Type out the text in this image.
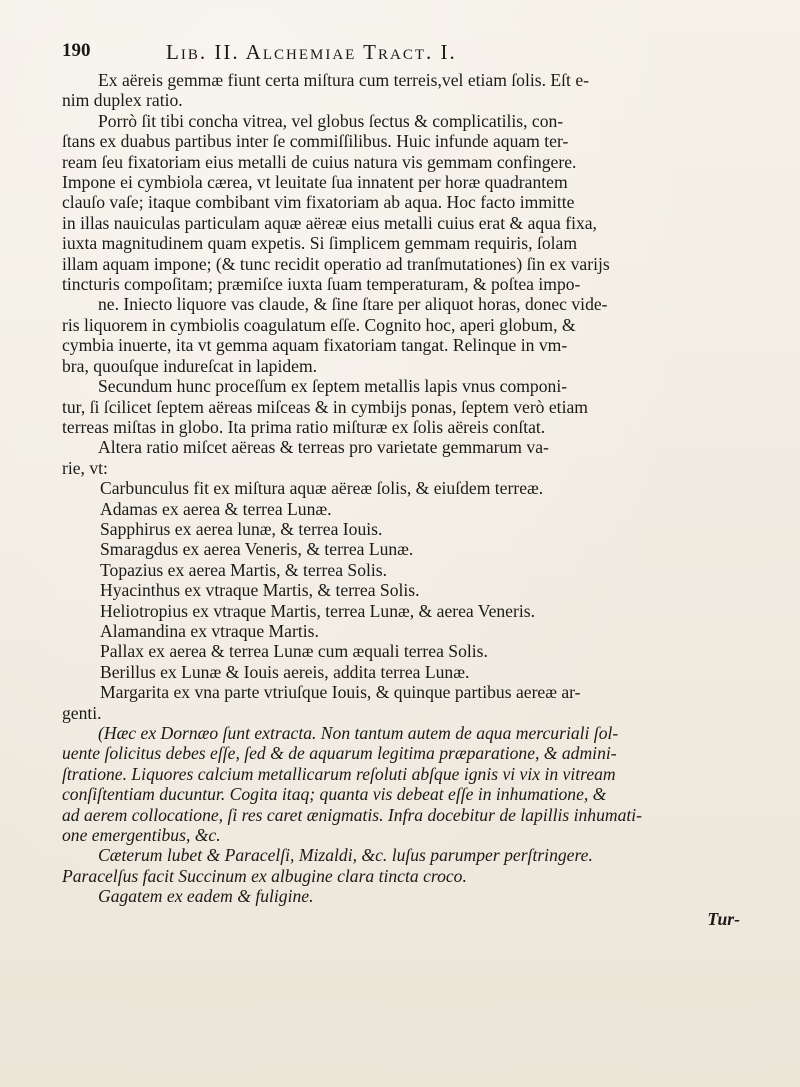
190	Lib. II. Alchemiae Tract. I.
Ex aëreis gemmæ fiunt certa miſtura cum terreis,vel etiam ſolis. Eſt e-
nim duplex ratio.
Porrò ſit tibi concha vitrea, vel globus ſectus & complicatilis, con-
ſtans ex duabus partibus inter ſe commiſſilibus. Huic infunde aquam ter-
ream ſeu fixatoriam eius metalli de cuius natura vis gemmam confingere.
Impone ei cymbiola cærea, vt leuitate ſua innatent per horæ quadrantem
clauſo vaſe; itaque combibant vim fixatoriam ab aqua. Hoc facto immitte
in illas nauiculas particulam aquæ aëreæ eius metalli cuius erat & aqua fixa,
iuxta magnitudinem quam expetis. Si ſimplicem gemmam requiris, ſolam
illam aquam impone; (& tunc recidit operatio ad tranſmutationes) ſin ex varijs
tincturis compoſitam; præmiſce iuxta ſuam temperaturam, & poſtea impo-
ne. Iniecto liquore vas claude, & ſine ſtare per aliquot horas, donec vide-
ris liquorem in cymbiolis coagulatum eſſe. Cognito hoc, aperi globum, &
cymbia inuerte, ita vt gemma aquam fixatoriam tangat. Relinque in vm-
bra, quouſque indureſcat in lapidem.
Secundum hunc proceſſum ex ſeptem metallis lapis vnus componi-
tur, ſi ſcilicet ſeptem aëreas miſceas & in cymbijs ponas, ſeptem verò etiam
terreas miſtas in globo. Ita prima ratio miſturæ ex ſolis aëreis conſtat.
Altera ratio miſcet aëreas & terreas pro varietate gemmarum va-
rie, vt:
Carbunculus fit ex miſtura aquæ aëreæ ſolis, & eiuſdem terreæ.
Adamas ex aerea & terrea Lunæ.
Sapphirus ex aerea lunæ, & terrea Iouis.
Smaragdus ex aerea Veneris, & terrea Lunæ.
Topazius ex aerea Martis, & terrea Solis.
Hyacinthus ex vtraque Martis, & terrea Solis.
Heliotropius ex vtraque Martis, terrea Lunæ, & aerea Veneris.
Alamandina ex vtraque Martis.
Pallax ex aerea & terrea Lunæ cum æquali terrea Solis.
Berillus ex Lunæ & Iouis aereis, addita terrea Lunæ.
Margarita ex vna parte vtriuſque Iouis, & quinque partibus aereæ ar-
genti.
(Hæc ex Dornæo ſunt extracta. Non tantum autem de aqua mercuriali ſol-
uente ſolicitus debes eſſe, ſed & de aquarum legitima præparatione, & admini-
ſtratione. Liquores calcium metallicarum reſoluti abſque ignis vi vix in vitream
conſiſtentiam ducuntur. Cogita itaq; quanta vis debeat eſſe in inhumatione, &
ad aerem collocatione, ſi res caret ænigmatis. Infra docebitur de lapillis inhumati-
one emergentibus, &c.
Cæterum lubet & Paracelſi, Mizaldi, &c. luſus parumper perſtringere.
Paracelſus facit Succinum ex albugine clara tincta croco.
Gagatem ex eadem & fuligine.
Tur-
